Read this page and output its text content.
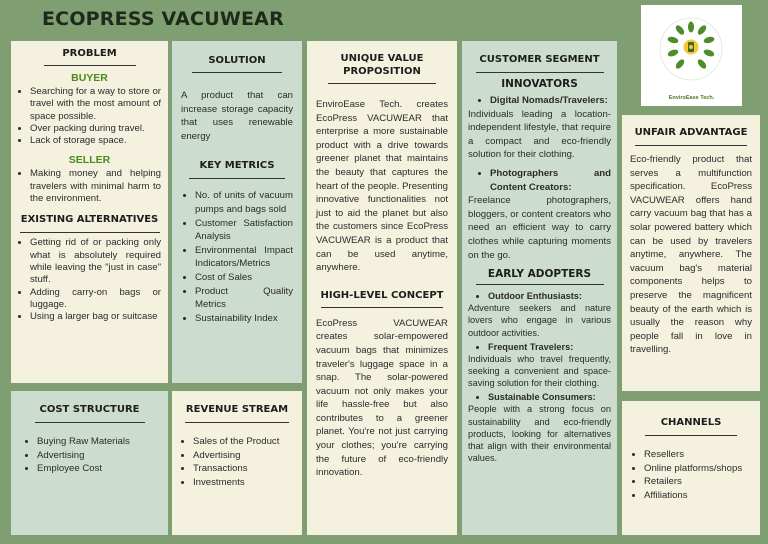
ECOPRESS VACUWEAR
EnviroEase Tech.
PROBLEM
BUYER
• Searching for a way to store or travel with the most amount of space possible.
• Over packing during travel.
• Lack of storage space.
SELLER
• Making money and helping travelers with minimal harm to the environment.
EXISTING ALTERNATIVES
• Getting rid of or packing only what is absolutely required while leaving the "just in case" stuff.
• Adding carry-on bags or luggage.
• Using a larger bag or suitcase
SOLUTION
A product that can increase storage capacity that uses renewable energy
KEY METRICS
• No. of units of vacuum pumps and bags sold
• Customer Satisfaction Analysis
• Environmental Impact Indicators/Metrics
• Cost of Sales
• Product Quality Metrics
• Sustainability Index
UNIQUE VALUE
PROPOSITION
EnviroEase Tech. creates EcoPress VACUWEAR that enterprise a more sustainable product with a drive towards greener planet that maintains the beauty that captures the heart of the people. Presenting innovative functionalities not just to aid the planet but also the customers since EcoPress VACUWEAR is a product that can be used anytime, anywhere.
HIGH-LEVEL CONCEPT
EcoPress VACUWEAR creates solar-empowered vacuum bags that minimizes traveler's luggage space in a snap. The solar-powered vacuum not only makes your life hassle-free but also contributes to a greener planet. You're not just carrying your clothes; you're carrying the future of eco-friendly innovation.
CUSTOMER SEGMENT
INNOVATORS
• Digital Nomads/Travelers:
Individuals leading a location-independent lifestyle, that require a compact and eco-friendly solution for their clothing.
• Photographers and Content Creators:
Freelance photographers, bloggers, or content creators who need an efficient way to carry clothes while capturing moments on the go.
EARLY ADOPTERS
• Outdoor Enthusiasts:
Adventure seekers and nature lovers who engage in various outdoor activities.
• Frequent Travelers:
Individuals who travel frequently, seeking a convenient and space-saving solution for their clothing.
• Sustainable Consumers:
People with a strong focus on sustainability and eco-friendly products, looking for alternatives that align with their environmental values.
UNFAIR ADVANTAGE
Eco-friendly product that serves a multifunction specification. EcoPress VACUWEAR offers hand carry vacuum bag that has a solar powered battery which can be used by travelers anytime, anywhere. The vacuum bag's material components helps to preserve the magnificent beauty of the earth which is usually the reason why people fall in love in travelling.
CHANNELS
• Resellers
• Online platforms/shops
• Retailers
• Affiliations
COST STRUCTURE
• Buying Raw Materials
• Advertising
• Employee Cost
REVENUE STREAM
• Sales of the Product
• Advertising
• Transactions
• Investments
